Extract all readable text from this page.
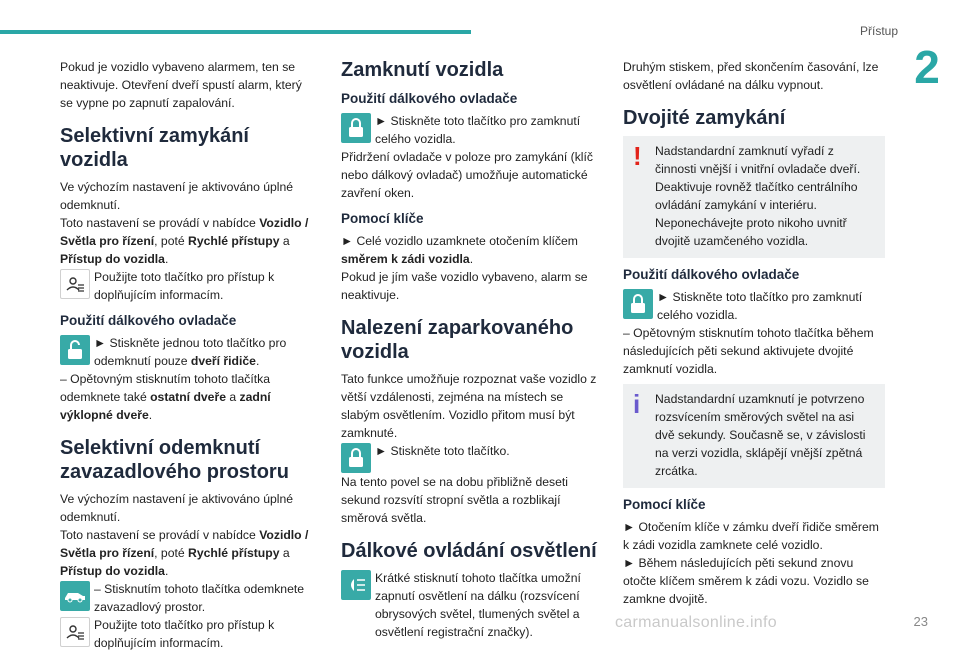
Přístup
2
carmanualsonline.info	23

Pokud je vozidlo vybaveno alarmem, ten se neaktivuje. Otevření dveří spustí alarm, který se vypne po zapnutí zapalování.

Selektivní zamykání vozidla

Ve výchozím nastavení je aktivováno úplné odemknutí.

Toto nastavení se provádí v nabídce Vozidlo / Světla pro řízení, poté Rychlé přístupy a Přístup do vozidla.

Použijte toto tlačítko pro přístup k doplňujícím informacím.

Použití dálkového ovladače

► Stiskněte jednou toto tlačítko pro odemknutí pouze dveří řidiče.

– Opětovným stisknutím tohoto tlačítka odemknete také ostatní dveře a zadní výklopné dveře.

Selektivní odemknutí zavazadlového prostoru

Ve výchozím nastavení je aktivováno úplné odemknutí.

Toto nastavení se provádí v nabídce Vozidlo / Světla pro řízení, poté Rychlé přístupy a Přístup do vozidla.

– Stisknutím tohoto tlačítka odemknete zavazadlový prostor.

Použijte toto tlačítko pro přístup k doplňujícím informacím.

Zamknutí vozidla
Použití dálkového ovladače

► Stiskněte toto tlačítko pro zamknutí celého vozidla.

Přidržení ovladače v poloze pro zamykání (klíč nebo dálkový ovladač) umožňuje automatické zavření oken.

Pomocí klíče

► Celé vozidlo uzamknete otočením klíčem směrem k zádi vozidla.

Pokud je jím vaše vozidlo vybaveno, alarm se neaktivuje.

Nalezení zaparkovaného vozidla

Tato funkce umožňuje rozpoznat vaše vozidlo z větší vzdálenosti, zejména na místech se slabým osvětlením. Vozidlo přitom musí být zamknuté.

► Stiskněte toto tlačítko.

Na tento povel se na dobu přibližně deseti sekund rozsvítí stropní světla a rozblikají směrová světla.

Dálkové ovládání osvětlení

Krátké stisknutí tohoto tlačítka umožní zapnutí osvětlení na dálku (rozsvícení obrysových světel, tlumených světel a osvětlení registrační značky).

Druhým stiskem, před skončením časování, lze osvětlení ovládané na dálku vypnout.

Dvojité zamykání
!	Nadstandardní zamknutí vyřadí z činnosti vnější i vnitřní ovladače dveří. Deaktivuje rovněž tlačítko centrálního ovládání zamykání v interiéru. Neponechávejte proto nikoho uvnitř dvojitě uzamčeného vozidla.

Použití dálkového ovladače

► Stiskněte toto tlačítko pro zamknutí celého vozidla.

– Opětovným stisknutím tohoto tlačítka během následujících pěti sekund aktivujete dvojité zamknutí vozidla.

i	Nadstandardní uzamknutí je potvrzeno rozsvícením směrových světel na asi dvě sekundy. Současně se, v závislosti na verzi vozidla, sklápějí vnější zpětná zrcátka.

Pomocí klíče

► Otočením klíče v zámku dveří řidiče směrem k zádi vozidla zamknete celé vozidlo.

► Během následujících pěti sekund znovu otočte klíčem směrem k zádi vozu. Vozidlo se zamkne dvojitě.
